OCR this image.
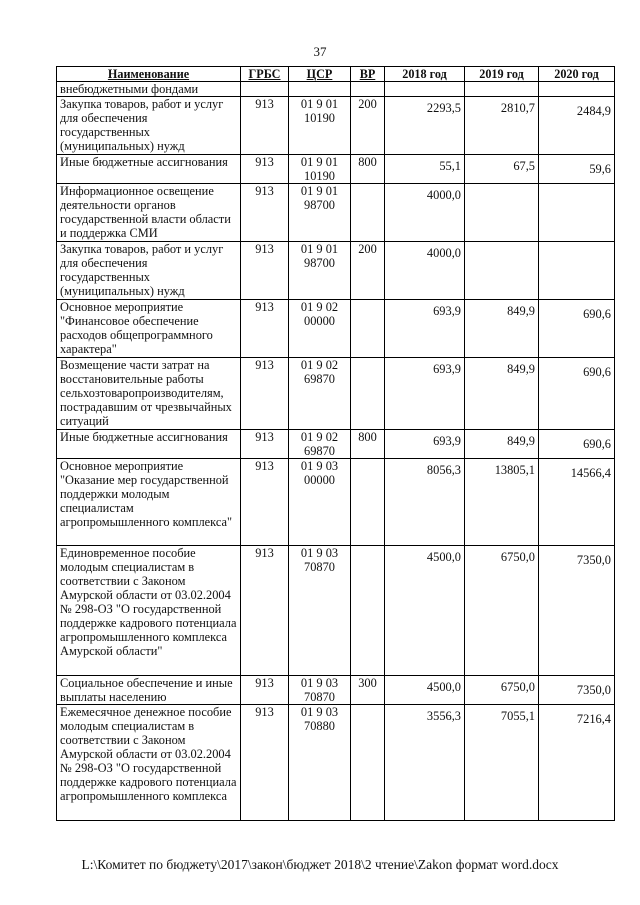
37
Наименование	ГРБС	ЦСР	ВР	2018 год	2019 год	2020 год
внебюджетными фондами						
Закупка товаров, работ и услуг для обеспечения государственных (муниципальных) нужд	913	01 9 01 10190	200	2293,5	2810,7	2484,9
Иные бюджетные ассигнования	913	01 9 01 10190	800	55,1	67,5	59,6
Информационное освещение деятельности органов государственной власти области и поддержка СМИ	913	01 9 01 98700		4000,0		
Закупка товаров, работ и услуг для обеспечения государственных (муниципальных) нужд	913	01 9 01 98700	200	4000,0		
Основное мероприятие "Финансовое обеспечение расходов общепрограммного характера"	913	01 9 02 00000		693,9	849,9	690,6
Возмещение части затрат на восстановительные работы сельхозтоваропроизводителям, пострадавшим от чрезвычайных ситуаций	913	01 9 02 69870		693,9	849,9	690,6
Иные бюджетные ассигнования	913	01 9 02 69870	800	693,9	849,9	690,6
Основное мероприятие "Оказание мер государственной поддержки молодым специалистам агропромышленного комплекса"	913	01 9 03 00000		8056,3	13805,1	14566,4
Единовременное пособие молодым специалистам в соответствии с Законом Амурской области от 03.02.2004 № 298-ОЗ "О государственной поддержке кадрового потенциала агропромышленного комплекса Амурской области"	913	01 9 03 70870		4500,0	6750,0	7350,0
Социальное обеспечение и иные выплаты населению	913	01 9 03 70870	300	4500,0	6750,0	7350,0
Ежемесячное денежное пособие молодым специалистам в соответствии с Законом Амурской области от 03.02.2004 № 298-ОЗ "О государственной поддержке кадрового потенциала агропромышленного комплекса	913	01 9 03 70880		3556,3	7055,1	7216,4
L:\Комитет по бюджету\2017\закон\бюджет 2018\2 чтение\Zakon формат word.docx
